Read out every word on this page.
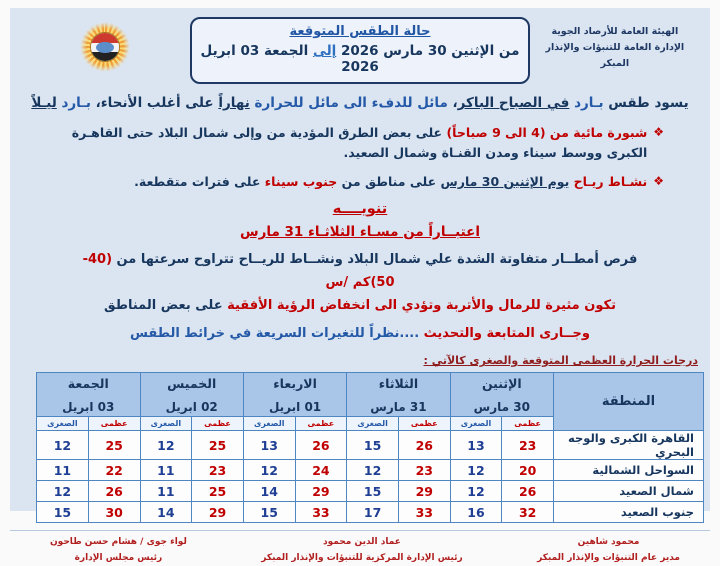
الهيئة العامة للأرصاد الجوية
الإدارة العامة للتنبؤات والإنذار المبكر
حالة الطقس المتوقعة
من الإثنين 30 مارس 2026 إلى الجمعة 03 ابريل 2026
يسود طقس بـارد في الصباح الباكر، مائل للدفء الى مائل للحرارة نهاراً على أغلب الأنحاء، بـارد ليـلاً
❖
شبورة مائية من (4 الى 9 صباحاً) على بعض الطرق المؤدية من وإلى شمال البلاد حتى القاهـرة الكبرى ووسط سيناء ومدن القنـاة وشمال الصعيد.
❖
نشـاط ريـاح يوم الإثنين 30 مارس على مناطق من جنوب سيناء على فترات متقطعة.
تنويــــه
اعتبــاراً من مسـاء الثلاثـاء 31 مارس
فرص أمطــار متفاوتة الشدة علي شمال البلاد ونشــاط للريــاح تتراوح سرعتها من (40-50)كم /س
تكون مثيرة للرمال والأتربة وتؤدي الى انخفاض الرؤية الأفقية على بعض المناطق
وجــارى المتابعة والتحديث ....نظراً للتغيرات السريعة في خرائط الطقس
درجات الحرارة العظمى المتوقعة والصغرى كالآتي :
المنطقة	
الإثنين
30 مارس

الثلاثاء
31 مارس

الاربعاء
01 ابريل

الخميس
02 ابريل

الجمعة
03 ابريل

	عظمى	الصغرى	عظمى	الصغرى	عظمى	الصغرى	عظمى	الصغرى	عظمى	الصغرى
القاهرة الكبرى والوجه البحري	23	13	26	15	26	13	25	12	25	12
السواحل الشمالية	20	12	23	12	24	12	23	11	22	11
شمال الصعيد	26	12	29	15	29	14	25	11	26	12
جنوب الصعيد	32	16	33	17	33	15	29	14	30	15
محمود شاهين
مدير عام التنبؤات والإنذار المبكر
عماد الدين محمود
رئيس الإدارة المركزية للتنبؤات والإنذار المبكر
لواء جوى / هشام حسن طاحون
رئيس مجلس الإدارة
